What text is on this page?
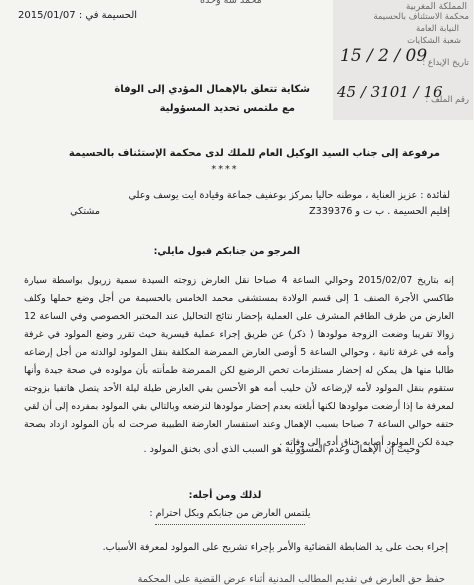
محمد سه وحده
الحسيمة في : 2015/01/07
المملكة المغربية
محكمة الاستئناف بالحسيمة
النيابة العامة
شعبة الشكايات
تاريخ الإيداع :
رقم الملف :
15 / 2 / 09
45 / 3101 / 16
شكاية تتعلق بالإهمال المؤدي إلى الوفاة
مع ملتمس تحديد المسؤولية
مرفوعة إلى جناب السيد الوكيل العام للملك لدى محكمة الإستئناف بالحسيمة
****
لفائدة : عزيز العناية ، موطنه حاليا بمركز بوعفيف جماعة وقيادة ايت يوسف وعلي
إقليم الحسيمة . ب ت و Z339376
مشتكي
المرجو من جنابكم قبول مايلي:
إنه بتاريخ 2015/02/07 وحوالي الساعة 4 صباحا نقل العارض زوجته السيدة سمية زريول بواسطة سيارة طاكسي الأجرة الصنف 1 إلى قسم الولادة بمستشفى محمد الخامس بالحسيمة من أجل وضع حملها وكلف العارض من طرف الطاقم المشرف على العملية بإحضار نتائج التحاليل عند المختبر الخصوصي وفي الساعة 12 زوالا تقريبا وضعت الزوجة مولودها ( ذكر) عن طريق إجراء عملية قيسرية حيث تقرر وضع المولود في غرفة وأمه في غرفة ثانية ، وحوالي الساعة 5 أوصى العارض الممرضة المكلفة بنقل المولود لوالدته من أجل إرضاعه طالبا منها هل يمكن له إحضار مستلزمات تخص الرضيع لكن الممرضة طمأنته بأن مولوده في صحة جيدة وأنها ستقوم بنقل المولود لأمه لإرضاعه لأن حليب أمه هو الأحسن بقي العارض طيلة ليلة الأحد يتصل هاتفيا بزوجته لمعرفة ما إذا أرضعت مولودها لكنها أبلغته بعدم إحضار مولودها لترضعه وبالتالي بقي المولود بمفرده إلى أن لقي حتفه حوالي الساعة 7 صباحا بسبب الإهمال وعند استفسار العارضة الطبيبة صرحت له بأن المولود ازداد بصحة جيدة لكن المولود أصابه خناق أدى إلى وفاته .
وحيث إن الإهمال وعدم المسؤولية هو السبب الذي أدى بخنق المولود .
لذلك ومن أجله:
يلتمس العارض من جنابكم وبكل احترام :
إجراء بحث على يد الضابطة القضائية والأمر بإجراء تشريح على المولود لمعرفة الأسباب.
حفظ حق العارض في تقديم المطالب المدنية أثناء عرض القضية على المحكمة
